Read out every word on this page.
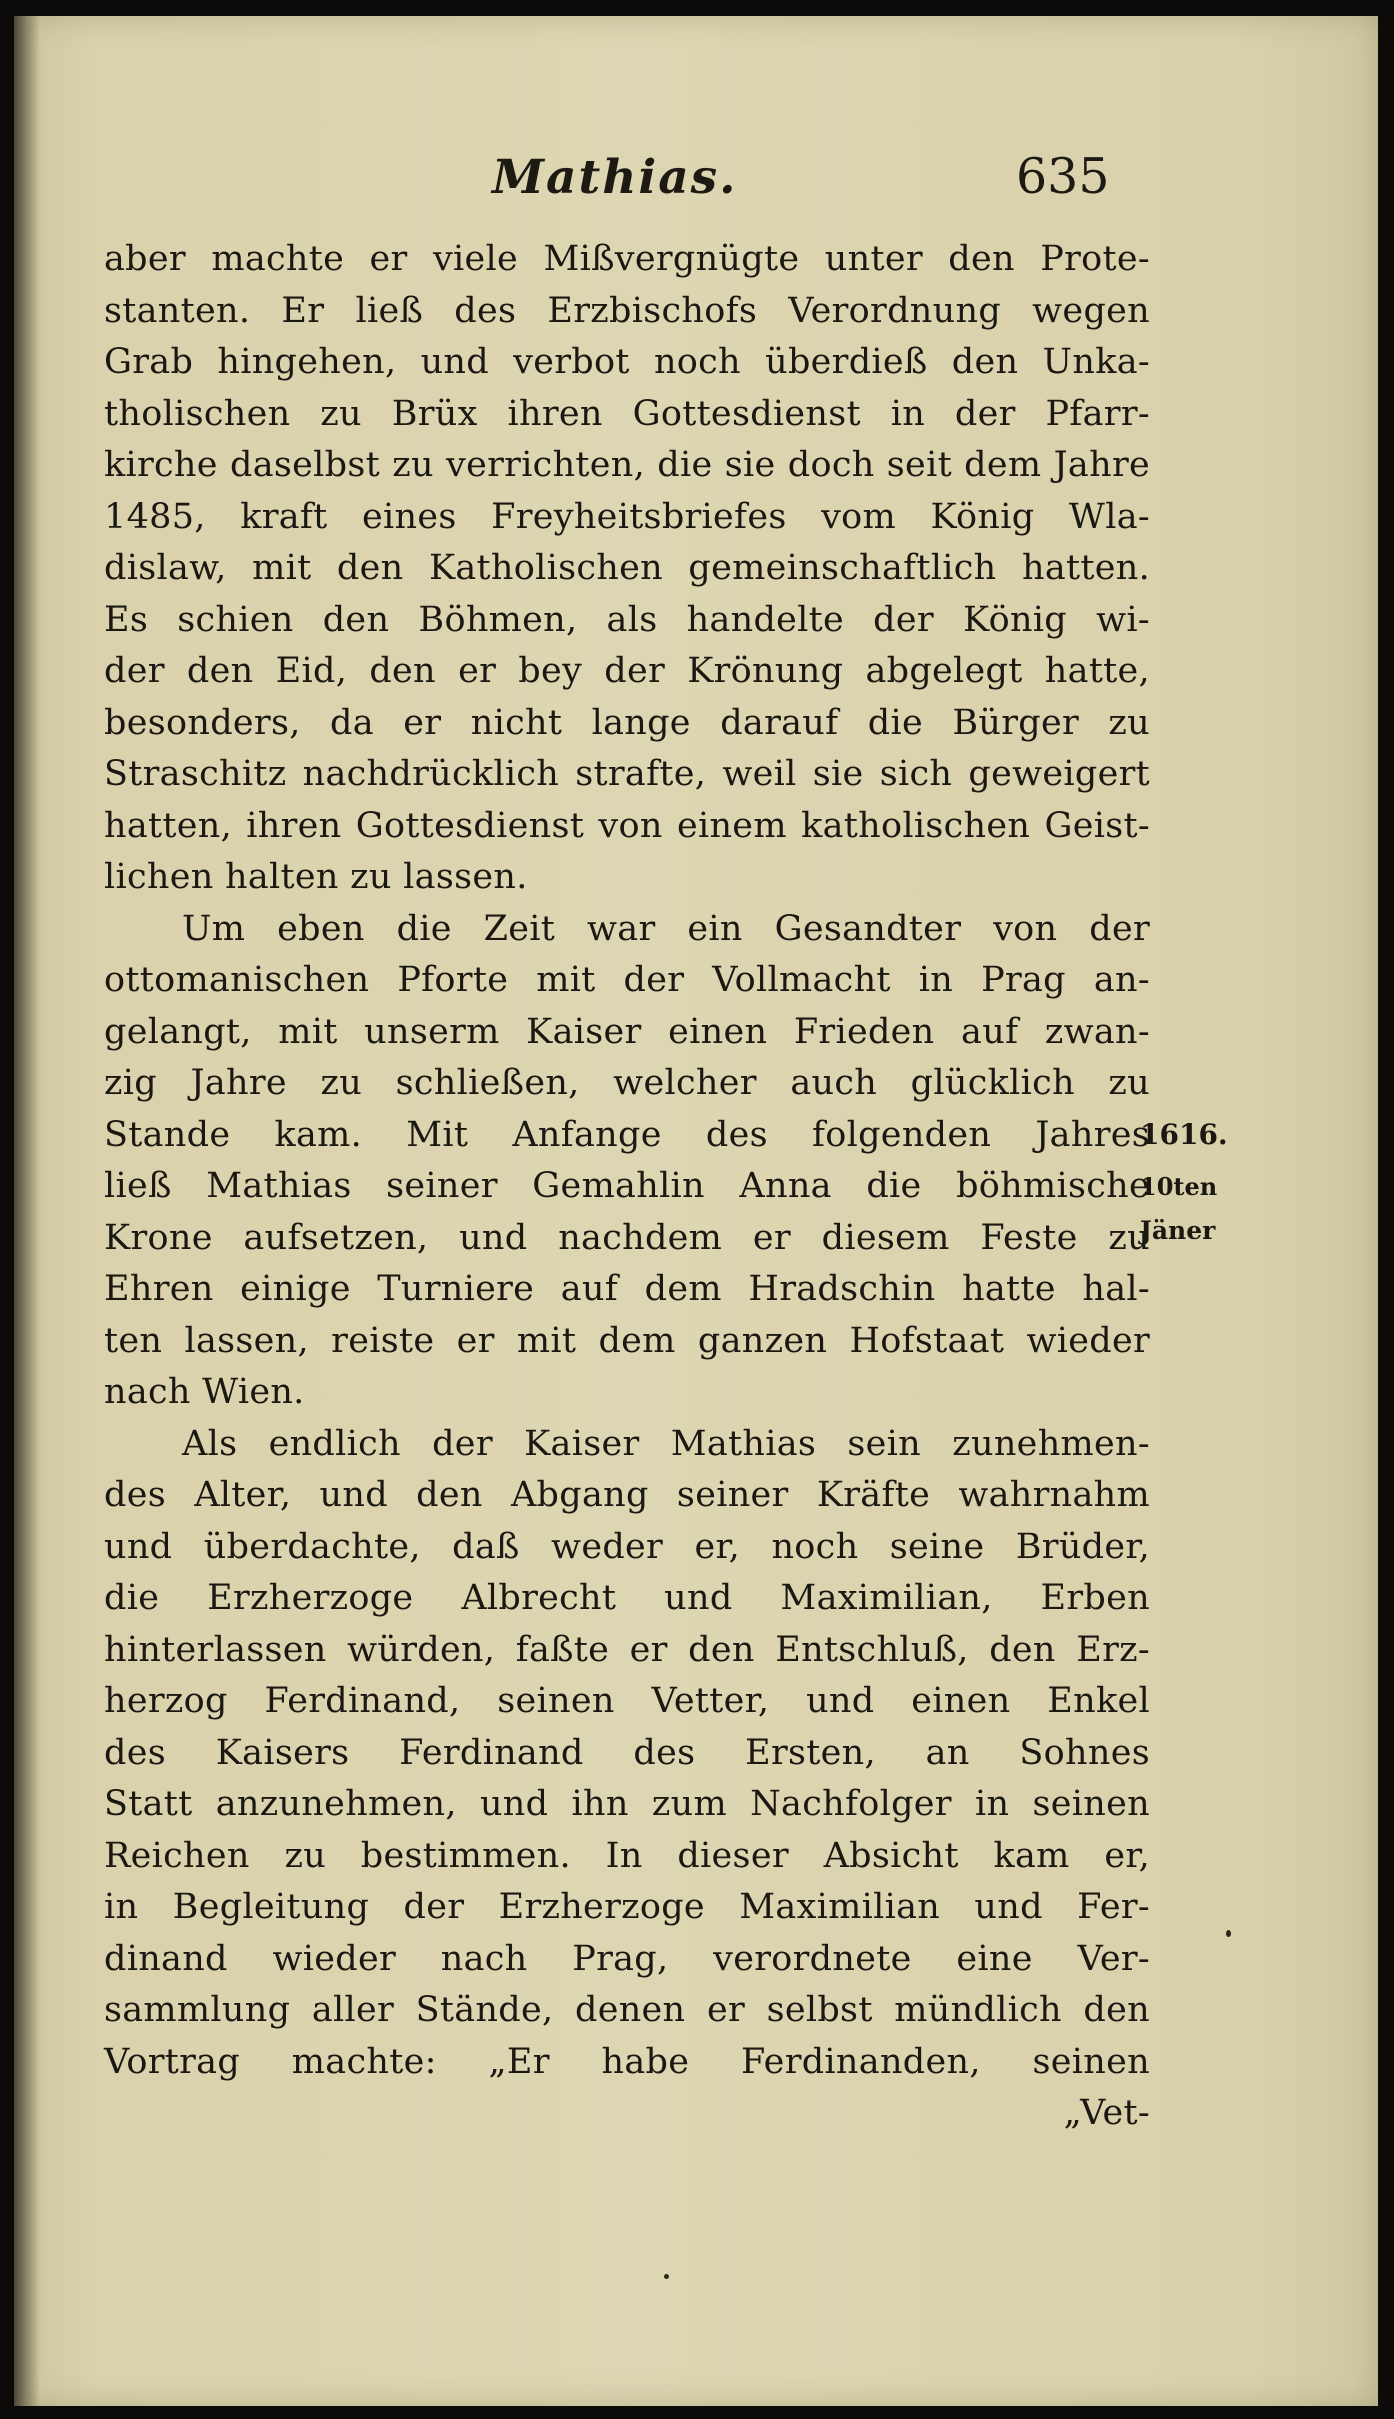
Mathias.	635
aber machte er viele Mißvergnügte unter den Prote-
stanten. Er ließ des Erzbischofs Verordnung wegen
Grab hingehen, und verbot noch überdieß den Unka-
tholischen zu Brüx ihren Gottesdienst in der Pfarr-
kirche daselbst zu verrichten, die sie doch seit dem Jahre
1485, kraft eines Freyheitsbriefes vom König Wla-
dislaw, mit den Katholischen gemeinschaftlich hatten.
Es schien den Böhmen, als handelte der König wi-
der den Eid, den er bey der Krönung abgelegt hatte,
besonders, da er nicht lange darauf die Bürger zu
Straschitz nachdrücklich strafte, weil sie sich geweigert
hatten, ihren Gottesdienst von einem katholischen Geist-
lichen halten zu lassen.
Um eben die Zeit war ein Gesandter von der
ottomanischen Pforte mit der Vollmacht in Prag an-
gelangt, mit unserm Kaiser einen Frieden auf zwan-
zig Jahre zu schließen, welcher auch glücklich zu
Stande kam. Mit Anfange des folgenden Jahres
ließ Mathias seiner Gemahlin Anna die böhmische
Krone aufsetzen, und nachdem er diesem Feste zu
Ehren einige Turniere auf dem Hradschin hatte hal-
ten lassen, reiste er mit dem ganzen Hofstaat wieder
nach Wien.
Als endlich der Kaiser Mathias sein zunehmen-
des Alter, und den Abgang seiner Kräfte wahrnahm
und überdachte, daß weder er, noch seine Brüder,
die Erzherzoge Albrecht und Maximilian, Erben
hinterlassen würden, faßte er den Entschluß, den Erz-
herzog Ferdinand, seinen Vetter, und einen Enkel
des Kaisers Ferdinand des Ersten, an Sohnes
Statt anzunehmen, und ihn zum Nachfolger in seinen
Reichen zu bestimmen. In dieser Absicht kam er,
in Begleitung der Erzherzoge Maximilian und Fer-
dinand wieder nach Prag, verordnete eine Ver-
sammlung aller Stände, denen er selbst mündlich den
Vortrag machte: „Er habe Ferdinanden, seinen
„Vet-
1616.
10ten
Jäner
